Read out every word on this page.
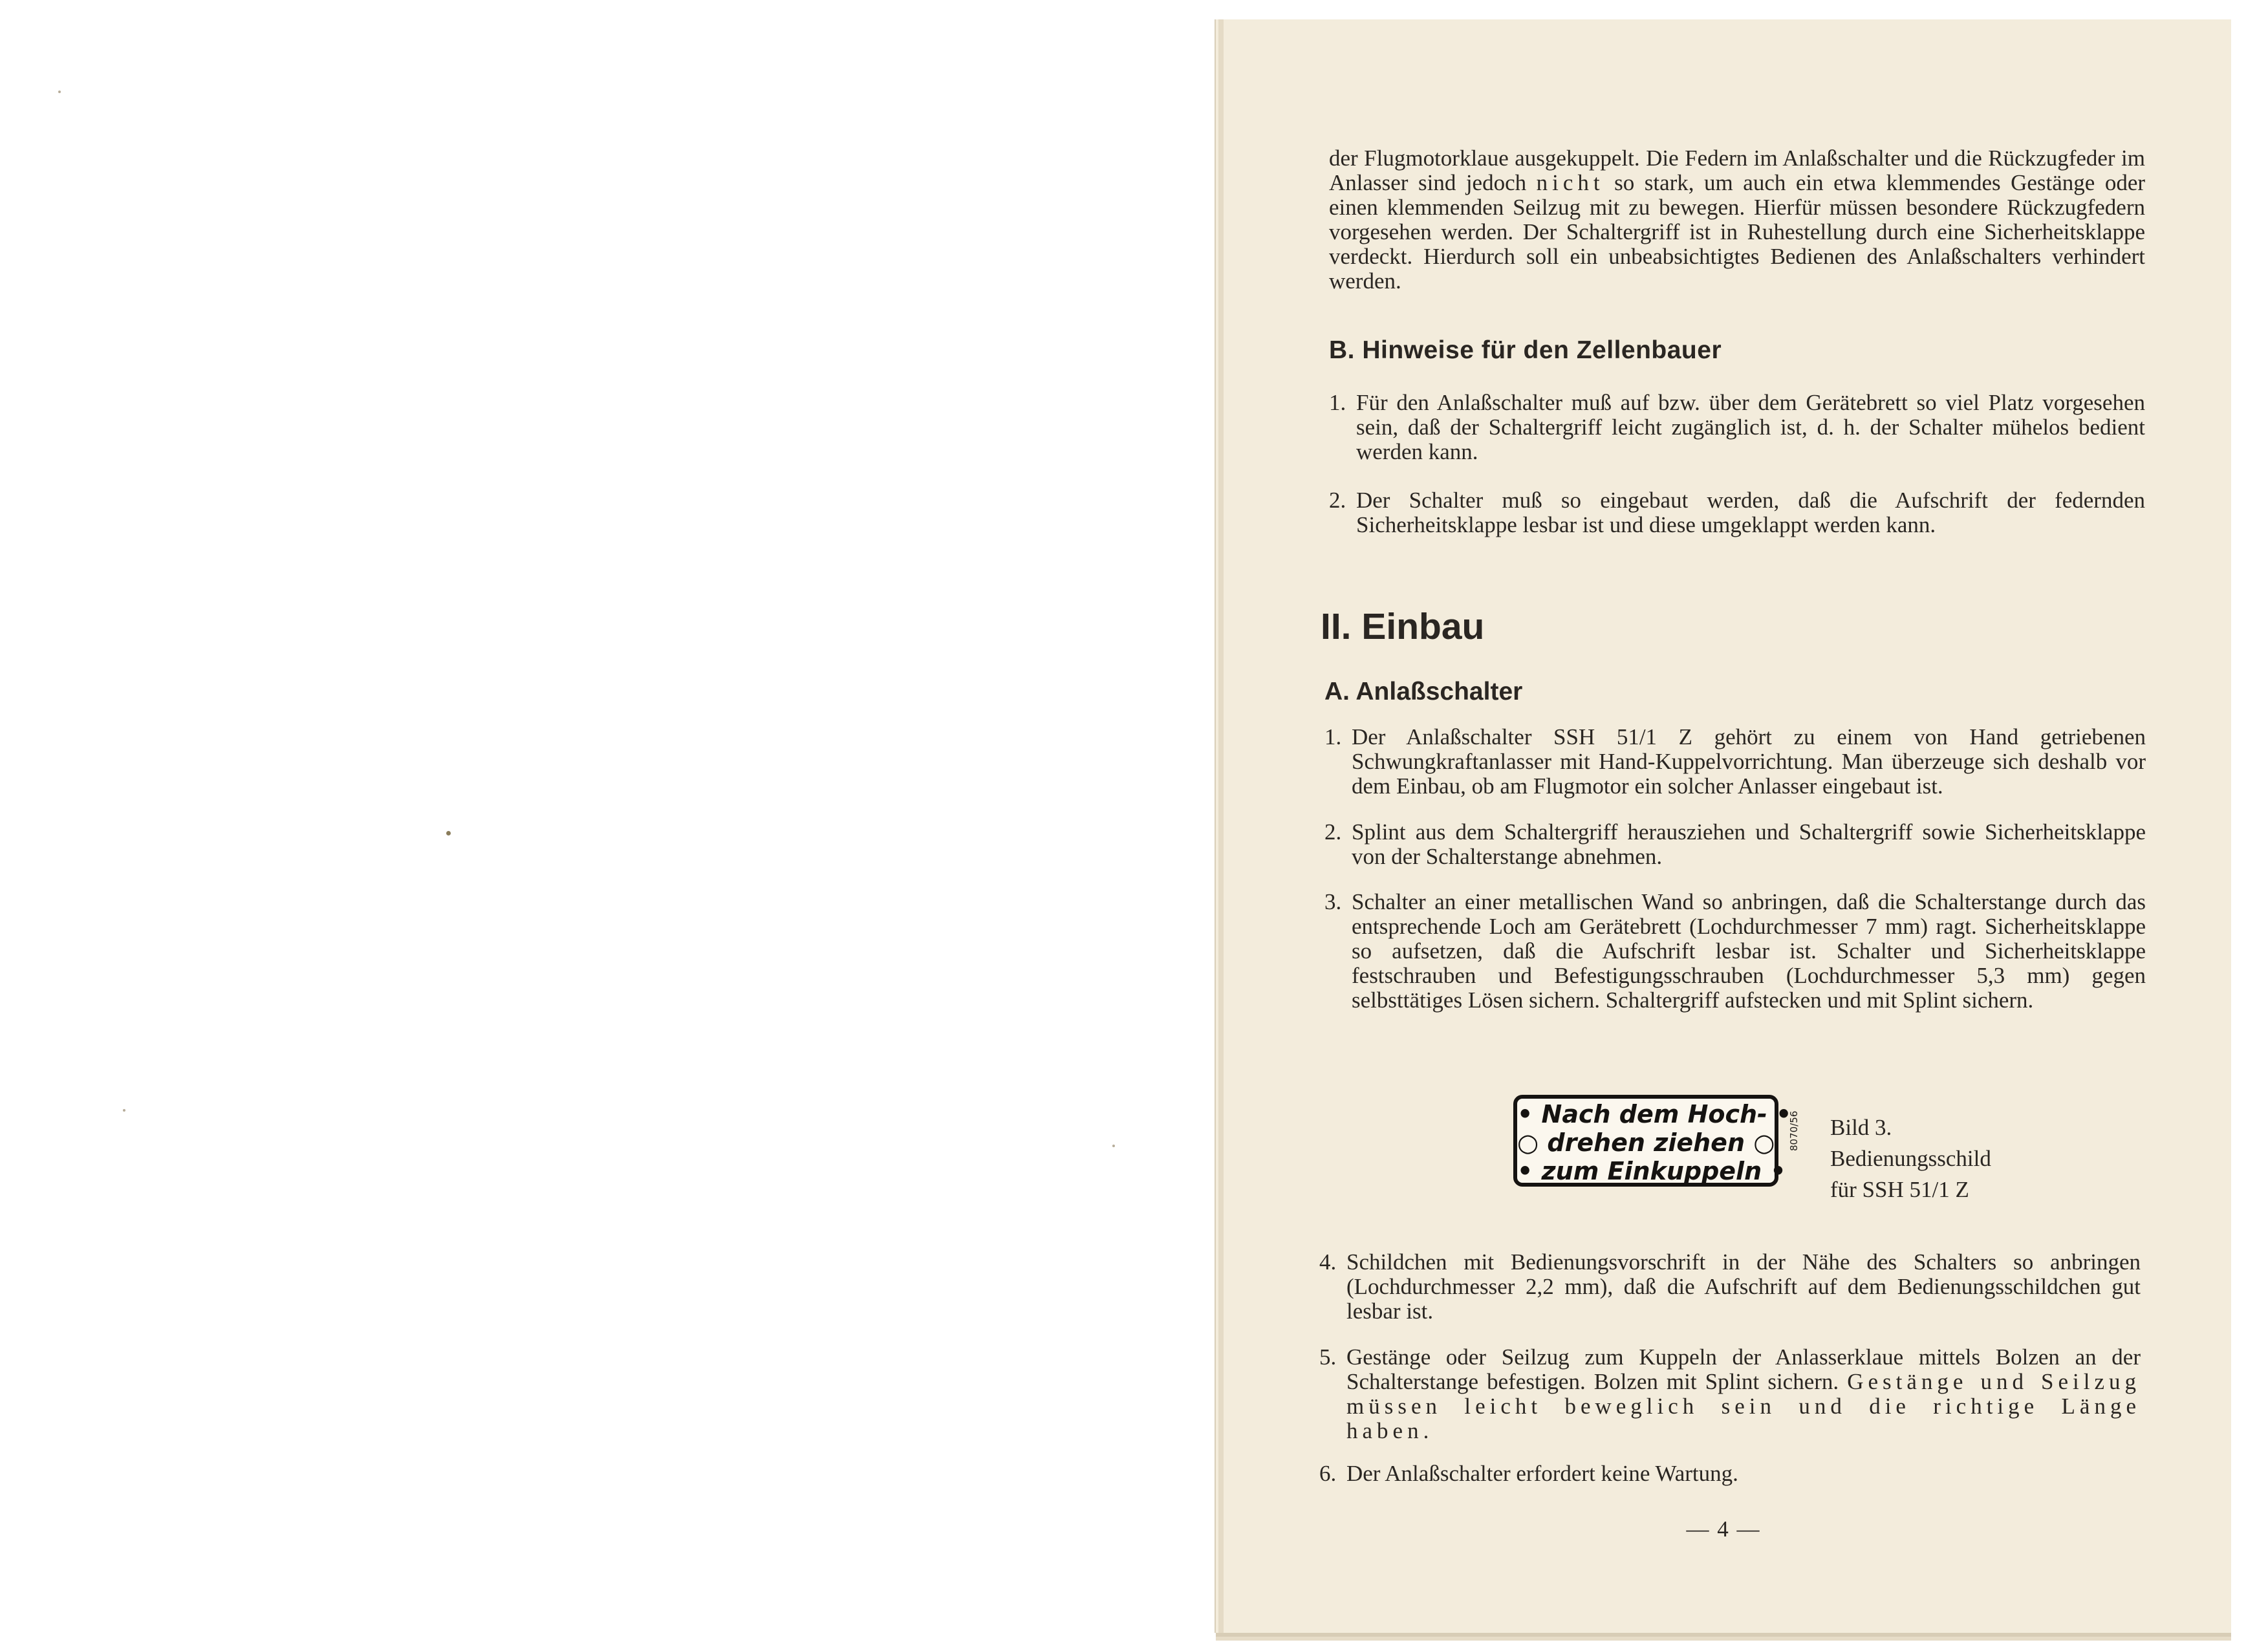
der Flugmotorklaue ausgekuppelt. Die Federn im Anlaßschalter und die Rückzugfeder im Anlasser sind jedoch nicht so stark, um auch ein etwa klemmendes Gestänge oder einen klemmenden Seilzug mit zu bewegen. Hierfür müssen besondere Rückzugfedern vorgesehen werden. Der Schaltergriff ist in Ruhestellung durch eine Sicherheitsklappe verdeckt. Hierdurch soll ein unbeabsichtigtes Bedienen des Anlaßschalters verhindert werden.
B. Hinweise für den Zellenbauer
1. Für den Anlaßschalter muß auf bzw. über dem Gerätebrett so viel Platz vorgesehen sein, daß der Schaltergriff leicht zugänglich ist, d. h. der Schalter mühelos bedient werden kann.
2. Der Schalter muß so eingebaut werden, daß die Aufschrift der federnden Sicherheitsklappe lesbar ist und diese umgeklappt werden kann.
II. Einbau
A. Anlaßschalter
1. Der Anlaßschalter SSH 51/1 Z gehört zu einem von Hand getriebenen Schwungkraftanlasser mit Hand-Kuppelvorrichtung. Man überzeuge sich deshalb vor dem Einbau, ob am Flugmotor ein solcher Anlasser eingebaut ist.
2. Splint aus dem Schaltergriff herausziehen und Schaltergriff sowie Sicherheitsklappe von der Schalterstange abnehmen.
3. Schalter an einer metallischen Wand so anbringen, daß die Schalterstange durch das entsprechende Loch am Gerätebrett (Lochdurchmesser 7 mm) ragt. Sicherheitsklappe so aufsetzen, daß die Aufschrift lesbar ist. Schalter und Sicherheitsklappe festschrauben und Befestigungsschrauben (Lochdurchmesser 5,3 mm) gegen selbsttätiges Lösen sichern. Schaltergriff aufstecken und mit Splint sichern.
• Nach dem Hoch- •
○ drehen ziehen ○
• zum Einkuppeln •
8070/56 Bild 3.
Bedienungsschild
für SSH 51/1 Z
4. Schildchen mit Bedienungsvorschrift in der Nähe des Schalters so anbringen (Lochdurchmesser 2,2 mm), daß die Aufschrift auf dem Bedienungsschildchen gut lesbar ist.
5. Gestänge oder Seilzug zum Kuppeln der Anlasserklaue mittels Bolzen an der Schalterstange befestigen. Bolzen mit Splint sichern. Gestänge und Seilzug müssen leicht beweglich sein und die richtige Länge haben.
6. Der Anlaßschalter erfordert keine Wartung.
— 4 —
